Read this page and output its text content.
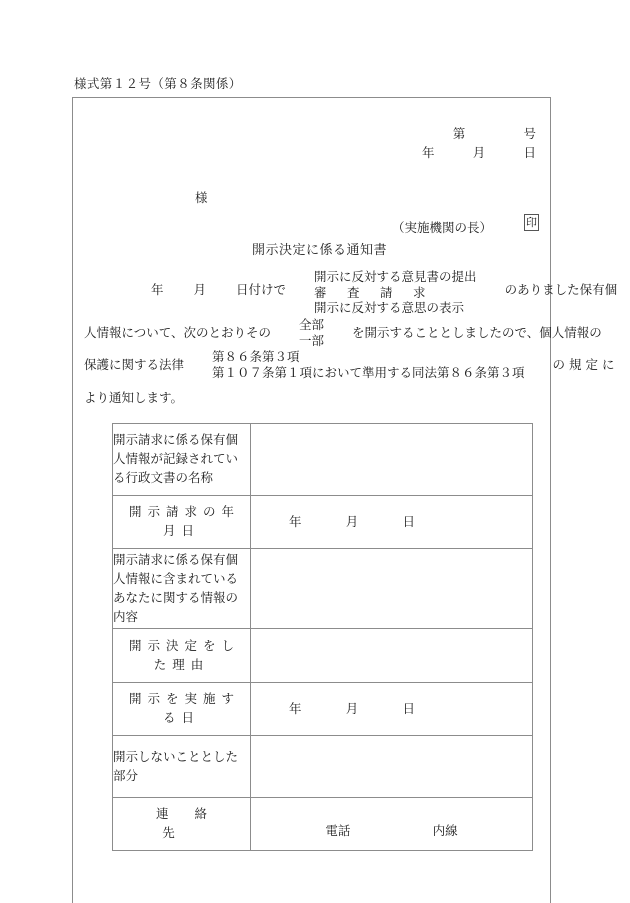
様式第１２号（第８条関係）
第	号
年	月	日
様
（実施機関の長）	印
開示決定に係る通知書
年 月 日付けで
開示に反対する意見書の提出
審　査　請　求
開示に反対する意思の表示
のありました保有個
人情報について、次のとおりその
全部
一部
を開示することとしましたので、個人情報の
保護に関する法律
第８６条第３項
第１０７条第１項において準用する同法第８６条第３項
の規定に
より通知します。
開示請求に係る保有個人情報が記録されている行政文書の名称	
開示請求の年月日	年 月 日
開示請求に係る保有個人情報に含まれているあなたに関する情報の内容	
開示決定をした理由	
開示を実施する日	年 月 日
開示しないこととした部分	
連絡先	電話 内線
